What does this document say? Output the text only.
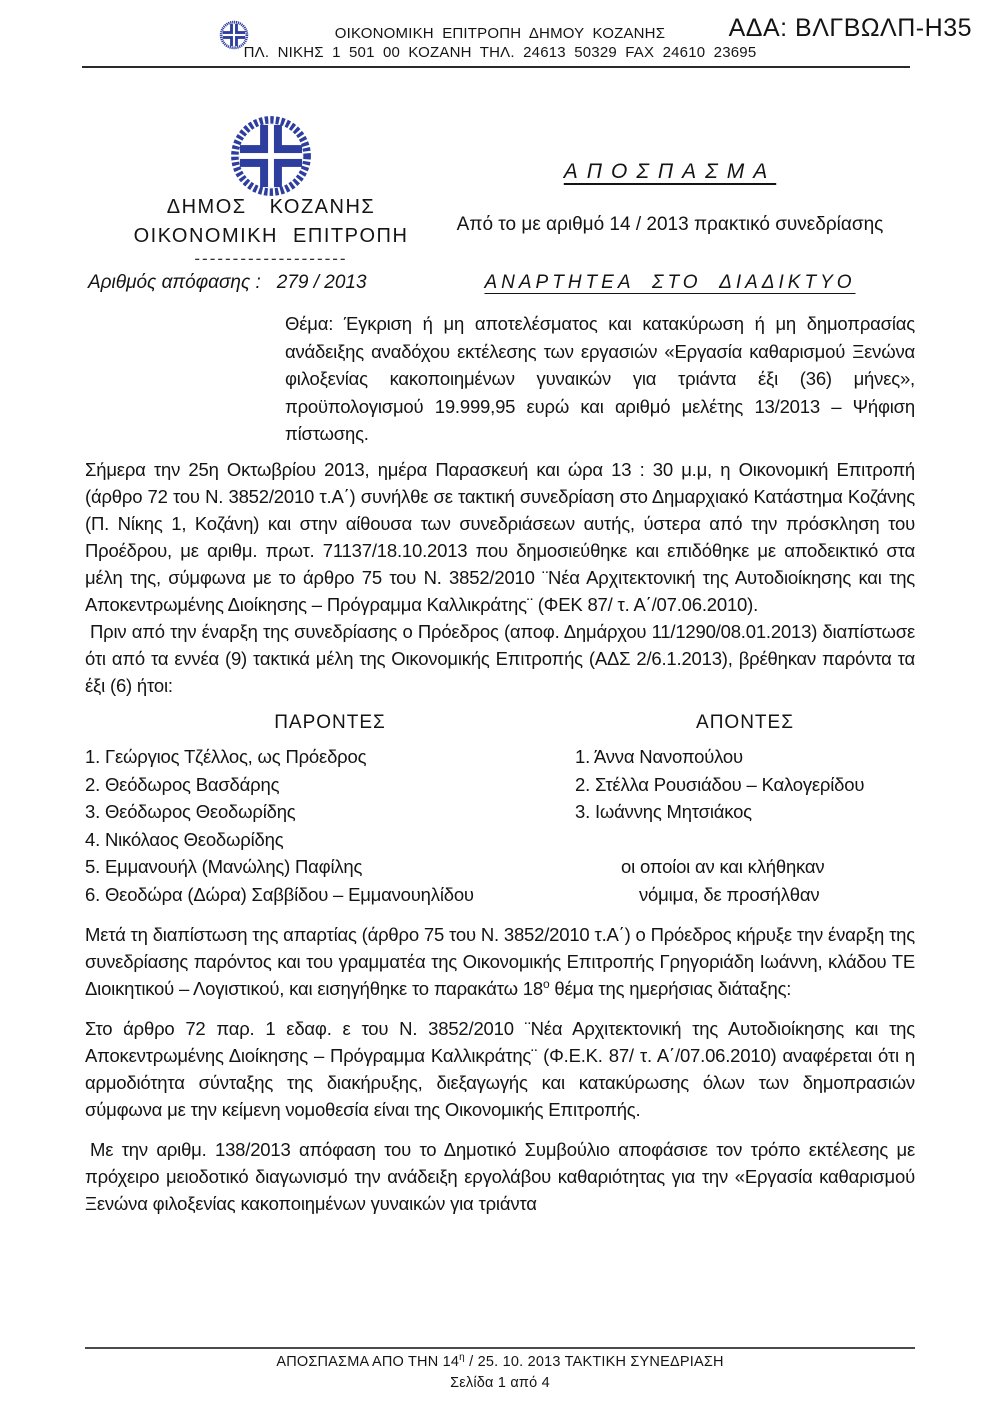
ΟΙΚΟΝΟΜΙΚΗ ΕΠΙΤΡΟΠΗ ΔΗΜΟΥ ΚΟΖΑΝΗΣ
ΠΛ. ΝΙΚΗΣ 1 501 00 ΚΟΖΑΝΗ ΤΗΛ. 24613 50329 FAX 24610 23695
ΑΔΑ: ΒΛΓΒΩΛΠ-Η35
ΔΗΜΟΣ ΚΟΖΑΝΗΣ
ΟΙΚΟΝΟΜΙΚΗ ΕΠΙΤΡΟΠΗ
--------------------
Αριθμός απόφασης : 279 / 2013
ΑΠΟΣΠΑΣΜΑ
Από το με αριθμό 14 / 2013 πρακτικό συνεδρίασης
ΑΝΑΡΤΗΤΕΑ ΣΤΟ ΔΙΑΔΙΚΤΥΟ
Θέμα: Έγκριση ή μη αποτελέσματος και κατακύρωση ή μη δημοπρασίας ανάδειξης αναδόχου εκτέλεσης των εργασιών «Εργασία καθαρισμού Ξενώνα φιλοξενίας κακοποιημένων γυναικών για τριάντα έξι (36) μήνες», προϋπολογισμού 19.999,95 ευρώ και αριθμό μελέτης 13/2013 – Ψήφιση πίστωσης.

Σήμερα την 25η Οκτωβρίου 2013, ημέρα Παρασκευή και ώρα 13 : 30 μ.μ, η Οικονομική Επιτροπή (άρθρο 72 του Ν. 3852/2010 τ.Α΄) συνήλθε σε τακτική συνεδρίαση στο Δημαρχιακό Κατάστημα Κοζάνης (Π. Νίκης 1, Κοζάνη) και στην αίθουσα των συνεδριάσεων αυτής, ύστερα από την πρόσκληση του Προέδρου, με αριθμ. πρωτ. 71137/18.10.2013 που δημοσιεύθηκε και επιδόθηκε με αποδεικτικό στα μέλη της, σύμφωνα με το άρθρο 75 του Ν. 3852/2010 ¨Νέα Αρχιτεκτονική της Αυτοδιοίκησης και της Αποκεντρωμένης Διοίκησης – Πρόγραμμα Καλλικράτης¨ (ΦΕΚ 87/ τ. Α΄/07.06.2010).

Πριν από την έναρξη της συνεδρίασης ο Πρόεδρος (αποφ. Δημάρχου 11/1290/08.01.2013) διαπίστωσε ότι από τα εννέα (9) τακτικά μέλη της Οικονομικής Επιτροπής (ΑΔΣ 2/6.1.2013), βρέθηκαν παρόντα τα έξι (6) ήτοι:

ΠΑΡΟΝΤΕΣ	ΑΠΟΝΤΕΣ
1. Γεώργιος Τζέλλος, ως Πρόεδρος	1. Άννα Νανοπούλου
2. Θεόδωρος Βασδάρης	2. Στέλλα Ρουσιάδου – Καλογερίδου
3. Θεόδωρος Θεοδωρίδης	3. Ιωάννης Μητσιάκος
4. Νικόλαος Θεοδωρίδης
5. Εμμανουήλ (Μανώλης) Παφίλης	οι οποίοι αν και κλήθηκαν
6. Θεοδώρα (Δώρα) Σαββίδου – Εμμανουηλίδου	νόμιμα, δε προσήλθαν

Μετά τη διαπίστωση της απαρτίας (άρθρο 75 του Ν. 3852/2010 τ.Α΄) ο Πρόεδρος κήρυξε την έναρξη της συνεδρίασης παρόντος και του γραμματέα της Οικονομικής Επιτροπής Γρηγοριάδη Ιωάννη, κλάδου ΤΕ Διοικητικού – Λογιστικού, και εισηγήθηκε το παρακάτω $18^o$ θέμα της ημερήσιας διάταξης:

Στο άρθρο 72 παρ. 1 εδαφ. ε του Ν. 3852/2010 ¨Νέα Αρχιτεκτονική της Αυτοδιοίκησης και της Αποκεντρωμένης Διοίκησης – Πρόγραμμα Καλλικράτης¨ (Φ.Ε.Κ. 87/ τ. Α΄/07.06.2010) αναφέρεται ότι η αρμοδιότητα σύνταξης της διακήρυξης, διεξαγωγής και κατακύρωσης όλων των δημοπρασιών σύμφωνα με την κείμενη νομοθεσία είναι της Οικονομικής Επιτροπής.

Με την αριθμ. 138/2013 απόφαση του το Δημοτικό Συμβούλιο αποφάσισε τον τρόπο εκτέλεσης με πρόχειρο μειοδοτικό διαγωνισμό την ανάδειξη εργολάβου καθαριότητας για την «Εργασία καθαρισμού Ξενώνα φιλοξενίας κακοποιημένων γυναικών για τριάντα

ΑΠΟΣΠΑΣΜΑ ΑΠΟ ΤΗΝ $14^\eta / 25$. 10. 2013 ΤΑΚΤΙΚΗ ΣΥΝΕΔΡΙΑΣΗ
Σελίδα 1 από 4
